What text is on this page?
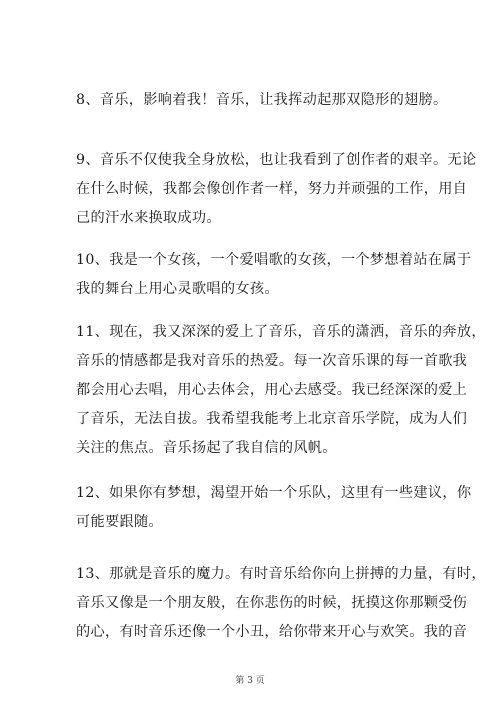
8、音乐，影响着我！音乐，让我挥动起那双隐形的翅膀。
9、音乐不仅使我全身放松，也让我看到了创作者的艰辛。无论
在什么时候，我都会像创作者一样，努力并顽强的工作，用自
己的汗水来换取成功。
10、我是一个女孩，一个爱唱歌的女孩，一个梦想着站在属于
我的舞台上用心灵歌唱的女孩。
11、现在，我又深深的爱上了音乐，音乐的潇洒，音乐的奔放，
音乐的情感都是我对音乐的热爱。每一次音乐课的每一首歌我
都会用心去唱，用心去体会，用心去感受。我已经深深的爱上
了音乐，无法自拔。我希望我能考上北京音乐学院，成为人们
关注的焦点。音乐扬起了我自信的风帆。
12、如果你有梦想，渴望开始一个乐队，这里有一些建议，你
可能要跟随。
13、那就是音乐的魔力。有时音乐给你向上拼搏的力量，有时，
音乐又像是一个朋友般，在你悲伤的时候，抚摸这你那颗受伤
的心，有时音乐还像一个小丑，给你带来开心与欢笑。我的音
第 3 页
